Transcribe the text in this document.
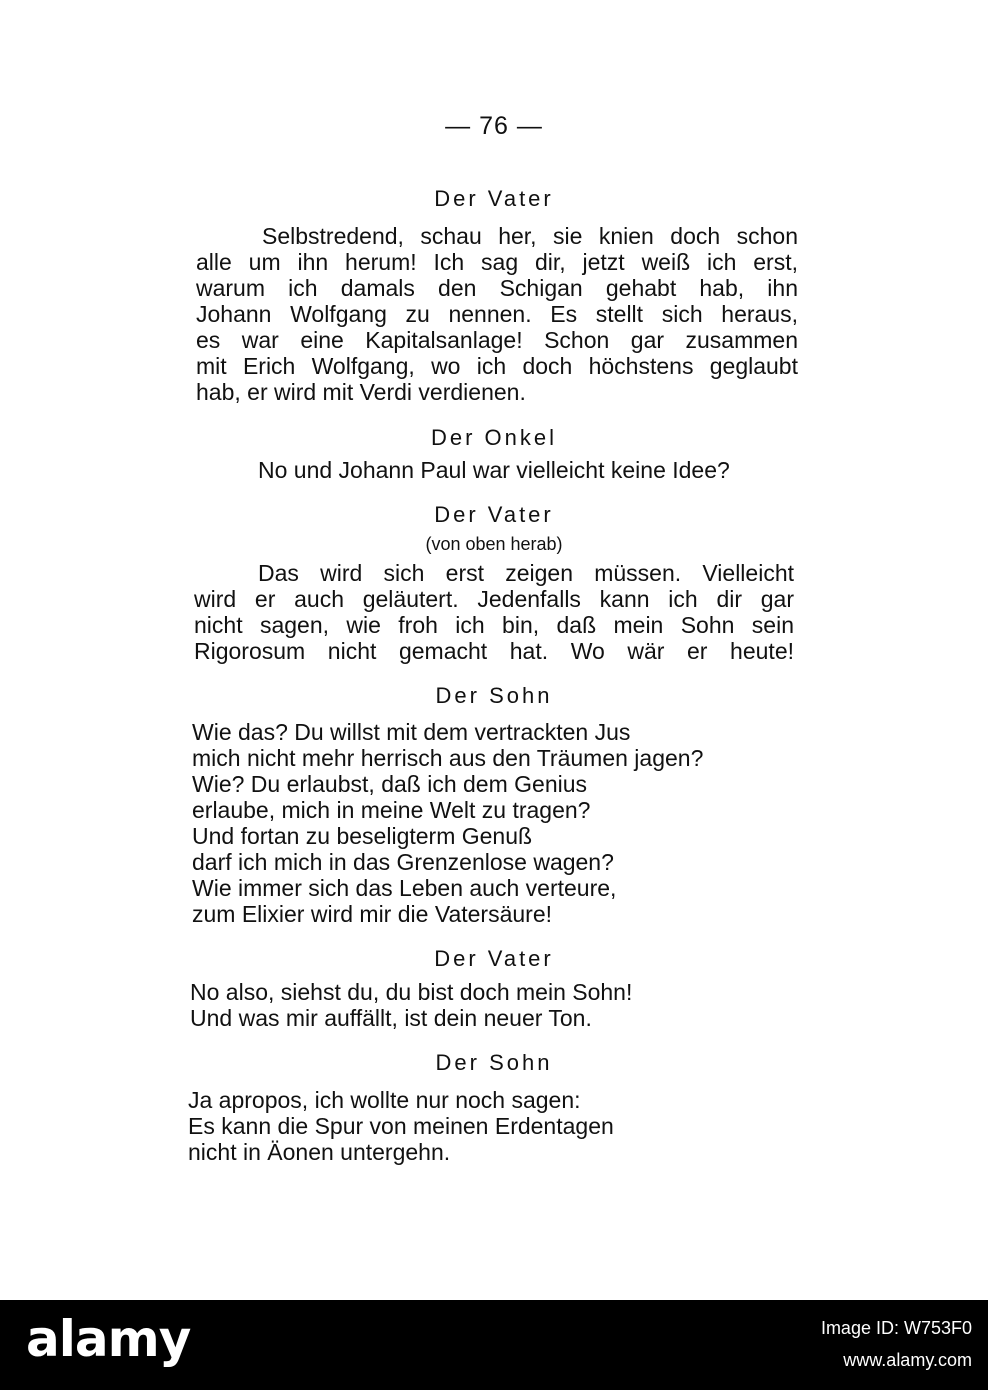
— 76 —
Der Vater
Selbstredend, schau her, sie knien doch schon
alle um ihn herum! Ich sag dir, jetzt weiß ich erst,
warum ich damals den Schigan gehabt hab, ihn
Johann Wolfgang zu nennen. Es stellt sich heraus,
es war eine Kapitalsanlage! Schon gar zusammen
mit Erich Wolfgang, wo ich doch höchstens geglaubt
hab, er wird mit Verdi verdienen.
Der Onkel
No und Johann Paul war vielleicht keine Idee?
Der Vater
(von oben herab)
Das wird sich erst zeigen müssen. Vielleicht
wird er auch geläutert. Jedenfalls kann ich dir gar
nicht sagen, wie froh ich bin, daß mein Sohn sein
Rigorosum nicht gemacht hat. Wo wär er heute!
Der Sohn
Wie das? Du willst mit dem vertrackten Jus
mich nicht mehr herrisch aus den Träumen jagen?
Wie? Du erlaubst, daß ich dem Genius
erlaube, mich in meine Welt zu tragen?
Und fortan zu beseligterm Genuß
darf ich mich in das Grenzenlose wagen?
Wie immer sich das Leben auch verteure,
zum Elixier wird mir die Vatersäure!
Der Vater
No also, siehst du, du bist doch mein Sohn!
Und was mir auffällt, ist dein neuer Ton.
Der Sohn
Ja apropos, ich wollte nur noch sagen:
Es kann die Spur von meinen Erdentagen
nicht in Äonen untergehn.
alamy	Image ID: W753F0
www.alamy.com
